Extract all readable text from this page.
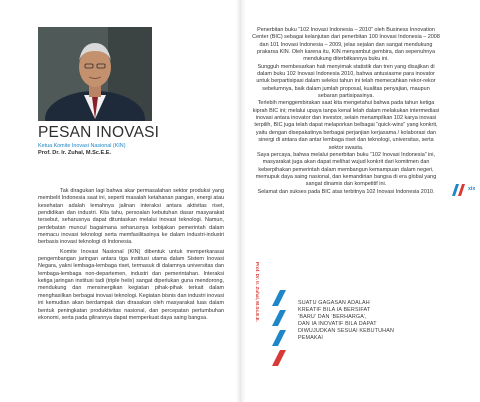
PESAN INOVASI
Ketua Komite Inovasi Nasional (KIN)
Prof. Dr. Ir. Zuhal, M.Sc.E.E.

Tak diragukan lagi bahwa akar permasalahan sektor produksi yang membelit Indonesia saat ini, seperti masalah ketahanan pangan, energi atau kesehatan adalah lemahnya jalinan interaksi antara aktivitas riset, pendidikan dan industri. Kita tahu, persoalan kebutuhan dasar masyarakat tersebut, seharusnya dapat dituntaskan melalui inovasi teknologi. Namun, perdebatan muncul bagaimana seharusnya kebijakan pemerintah dalam memacu inovasi teknologi serta memfasilitasinya ke dalam industri-industri berbasis inovasi teknologi di Indonesia.

Komite Inovasi Nasional (KIN) dibentuk untuk memperkarasai pengembangan jaringan antara tiga institusi utama dalam Sistem Inovasi Negara, yakni lembaga-lembaga riset, termasuk di dalamnya universitas dan lembaga-lembaga non-departemen, industri dan pemerintahan. Interaksi ketiga jaringan institusi tadi (triple helix) sangat diperlukan guna mendorong, mendukung dan mensinergikan kegiatan pihak-pihak terkait dalam menghasilkan berbagai inovasi teknologi. Kegiatan bisnis dan industri inovasi ini kemudian akan berdampak dan dirasakan oleh masyarakat luas dalam bentuk peningkatan produktivitas nasional, dan percepatan pertumbuhan ekonomi, serta pada gilirannya dapat memperkuat daya saing bangsa.

Penerbitan buku “102 Inovasi Indonesia – 2010” oleh Business Innovation Center (BIC) sebagai kelanjutan dari penerbitan 100 Inovasi Indonesia – 2008 dan 101 Inovasi Indonesia – 2009, jelas sejalan dan sangat mendukung prakarsa KIN. Oleh karena itu, KIN menyambut gembira, dan sepenuhnya mendukung diterbitkannya buku ini.

Sungguh membesarkan hati menyimak statistik dan tren yang disajikan di dalam buku 102 Inovasi Indonesia 2010, bahwa antusiasme para inovator untuk berpartisipasi dalam seleksi tahun ini telah memecahkan rekor-rekor sebelumnya, baik dalam jumlah proposal, kualitas penyajian, maupun sebaran partisipasinya.

Terlebih menggembirakan saat kita mengetahui bahwa pada tahun ketiga kiprah BIC ini; melalui upaya tanpa kenal lelah dalam melakukan intermediasi inovasi antara inovator dan investor, selain menampilkan 102 karya inovasi terpilih, BIC juga telah dapat melaporkan belbagai “quick-wins” yang konkrit, yaitu dengan disepakatinya berbagai perjanjian kerjasama / kolaborasi dan sinergi di antara dan antar lembaga riset dan teknologi, universitas, serta sektor swasta.

Saya percaya, bahwa melalui penerbitan buku “102 Inovasi Indonesia” ini, masyarakat juga akan dapat melihat wujud konkrit dari komitmen dan keberpihakan pemerintah dalam membangun kemampuan dalam negeri, memupuk daya saing nasional, dan kemandirian bangsa di era global yang sangat dinamis dan kompetitif ini.

Selamat dan sukses pada BIC atas terbitnya 102 Inovasi Indonesia 2010.

Prof. Dr. Ir. Zuhal, M.Sc.E.E.	SUATU GAGASAN ADALAH
KREATIF BILA IA BERSIFAT
‘BARU’ DAN ‘BERHARGA’,
DAN IA INOVATIF BILA DAPAT
DIWUJUDKAN SESUAI KEBUTUHAN
PEMAKAI
xix
